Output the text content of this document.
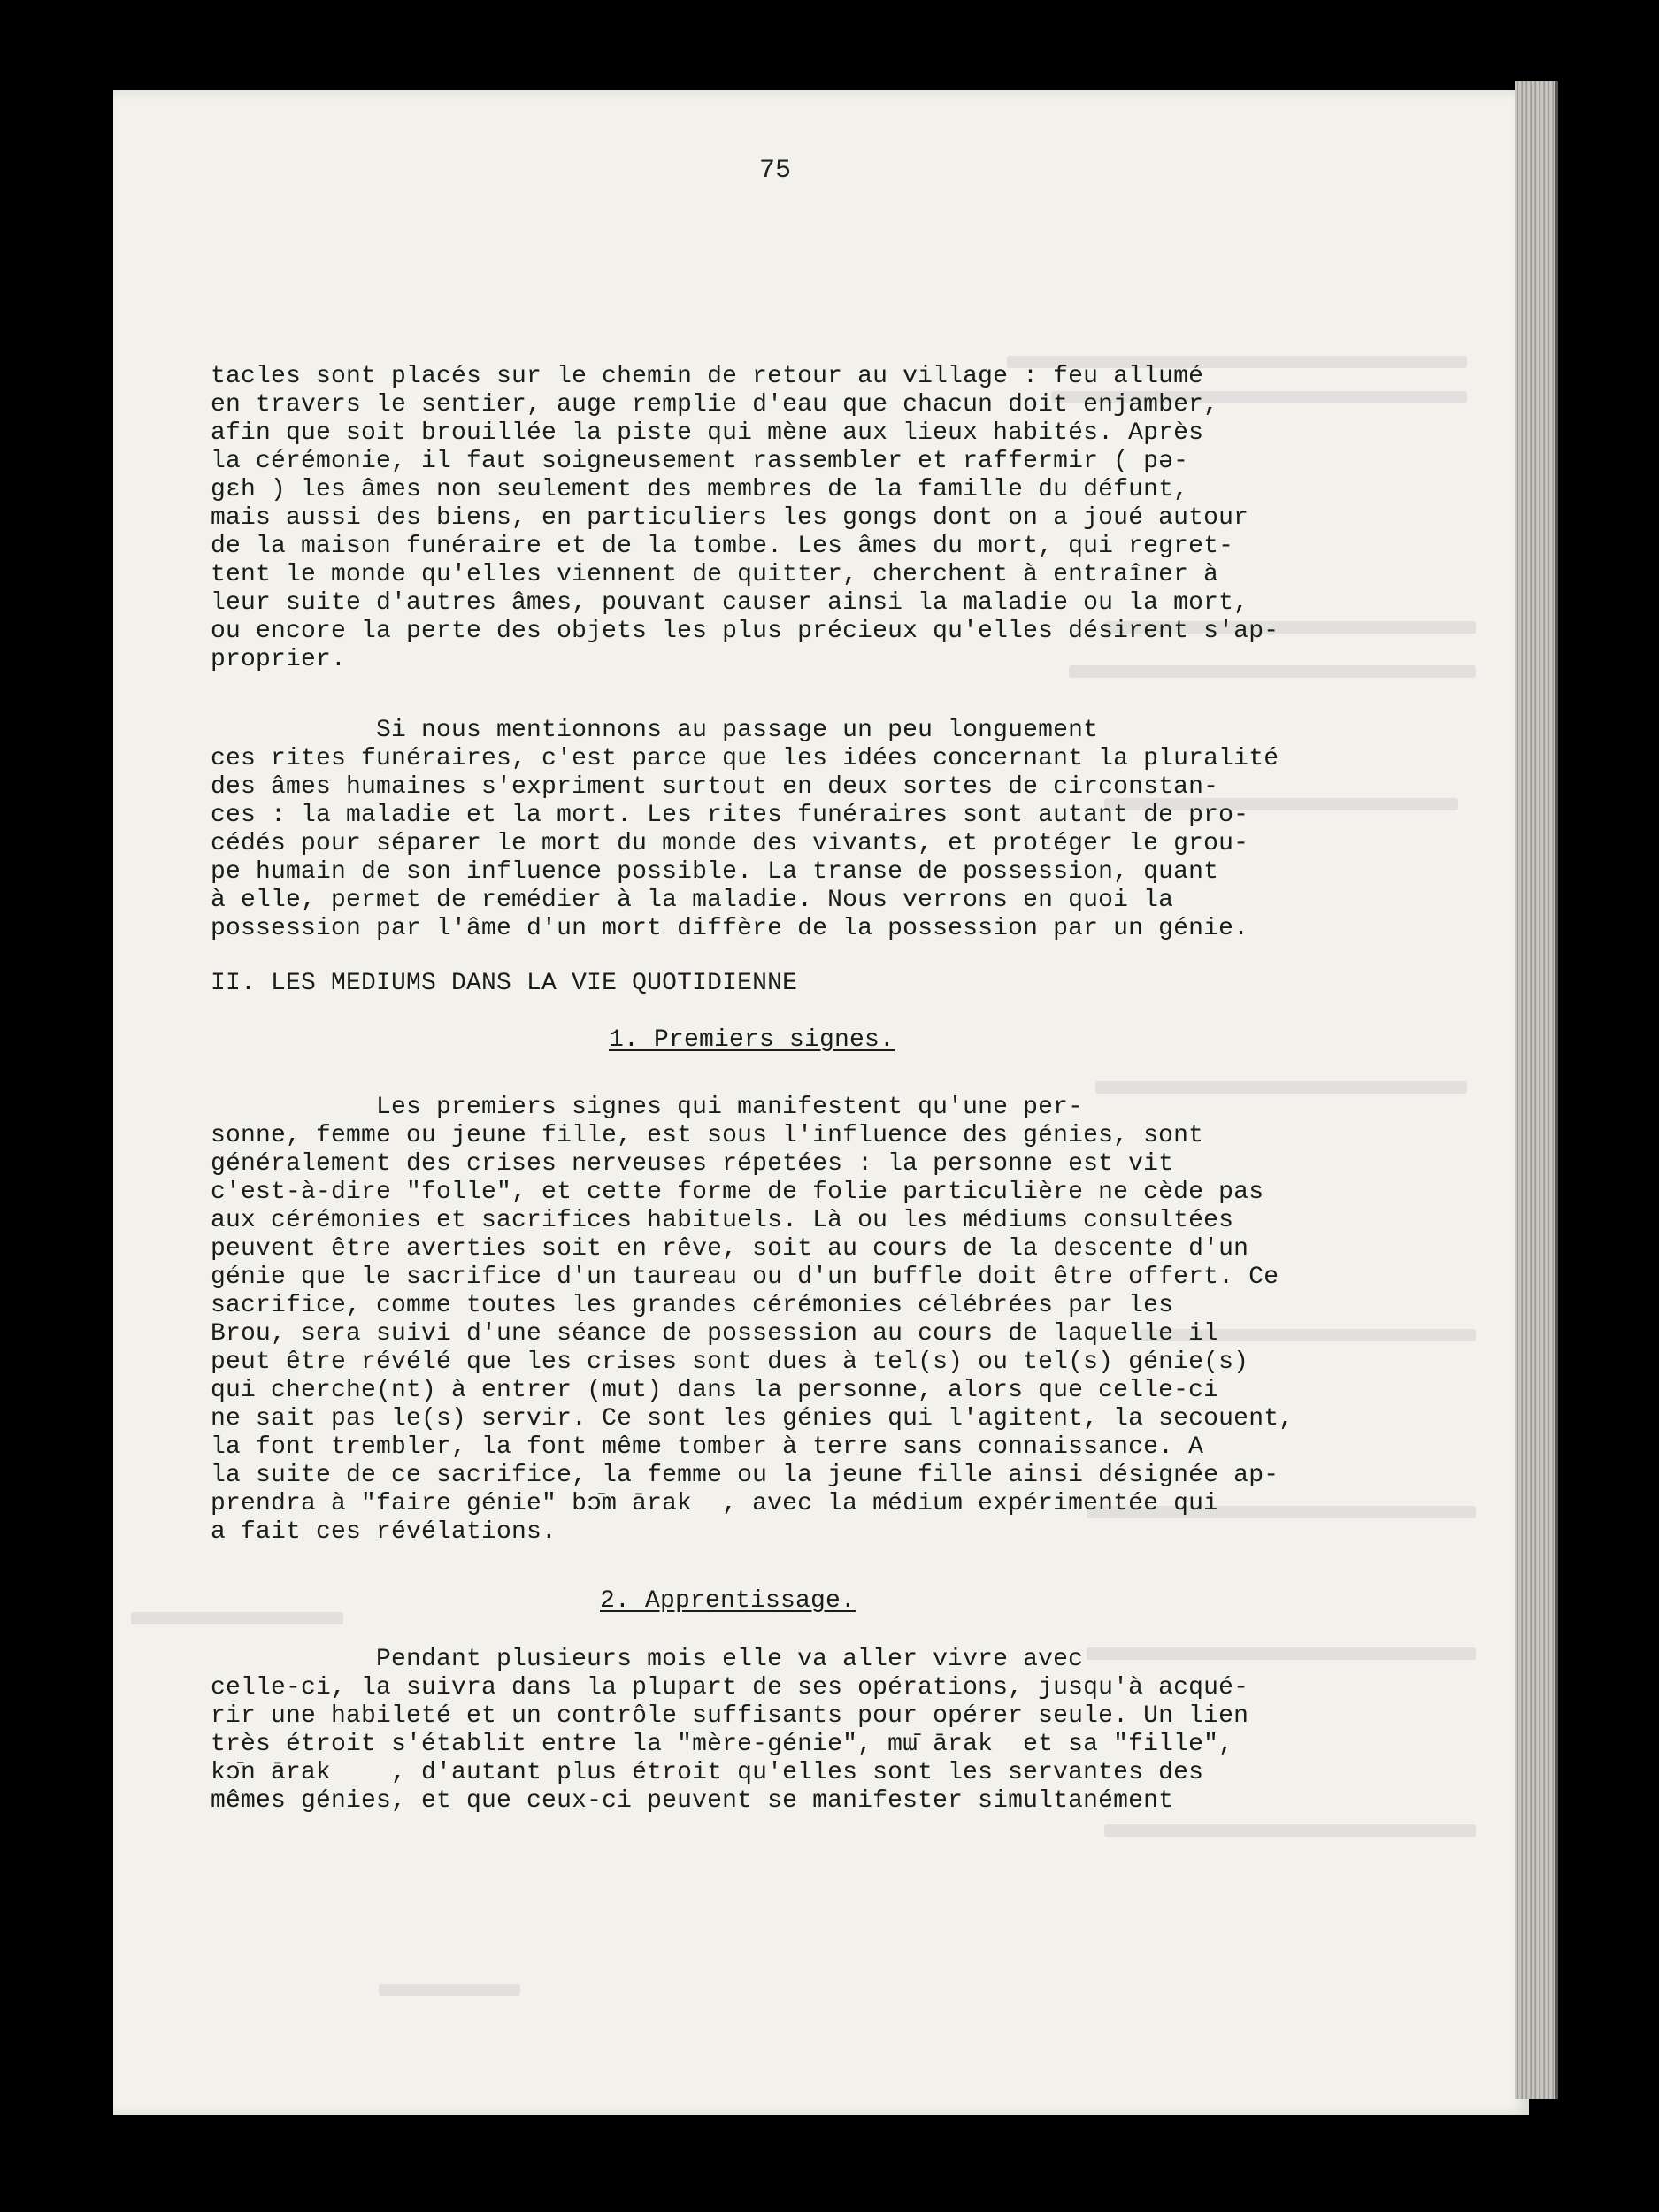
75
tacles sont placés sur le chemin de retour au village : feu allumé
en travers le sentier, auge remplie d'eau que chacun doit enjamber,
afin que soit brouillée la piste qui mène aux lieux habités. Après
la cérémonie, il faut soigneusement rassembler et raffermir ( pə-
gɛh ) les âmes non seulement des membres de la famille du défunt,
mais aussi des biens, en particuliers les gongs dont on a joué autour
de la maison funéraire et de la tombe. Les âmes du mort, qui regret-
tent le monde qu'elles viennent de quitter, cherchent à entraîner à
leur suite d'autres âmes, pouvant causer ainsi la maladie ou la mort,
ou encore la perte des objets les plus précieux qu'elles désirent s'ap-
proprier.
Si nous mentionnons au passage un peu longuement
ces rites funéraires, c'est parce que les idées concernant la pluralité
des âmes humaines s'expriment surtout en deux sortes de circonstan-
ces : la maladie et la mort. Les rites funéraires sont autant de pro-
cédés pour séparer le mort du monde des vivants, et protéger le grou-
pe humain de son influence possible. La transe de possession, quant
à elle, permet de remédier à la maladie. Nous verrons en quoi la
possession par l'âme d'un mort diffère de la possession par un génie.
II. LES MEDIUMS DANS LA VIE QUOTIDIENNE
1. Premiers signes.
Les premiers signes qui manifestent qu'une per-
sonne, femme ou jeune fille, est sous l'influence des génies, sont
généralement des crises nerveuses répetées : la personne est vit
c'est-à-dire "folle", et cette forme de folie particulière ne cède pas
aux cérémonies et sacrifices habituels. Là ou les médiums consultées
peuvent être averties soit en rêve, soit au cours de la descente d'un
génie que le sacrifice d'un taureau ou d'un buffle doit être offert. Ce
sacrifice, comme toutes les grandes cérémonies célébrées par les
Brou, sera suivi d'une séance de possession au cours de laquelle il
peut être révélé que les crises sont dues à tel(s) ou tel(s) génie(s)
qui cherche(nt) à entrer (mut) dans la personne, alors que celle-ci
ne sait pas le(s) servir. Ce sont les génies qui l'agitent, la secouent,
la font trembler, la font même tomber à terre sans connaissance. A
la suite de ce sacrifice, la femme ou la jeune fille ainsi désignée ap-
prendra à "faire génie" bɔ̄m ārak  , avec la médium expérimentée qui
a fait ces révélations.
2. Apprentissage.
Pendant plusieurs mois elle va aller vivre avec
celle-ci, la suivra dans la plupart de ses opérations, jusqu'à acqué-
rir une habileté et un contrôle suffisants pour opérer seule. Un lien
très étroit s'établit entre la "mère-génie", mɯ̄ ārak  et sa "fille",
kɔ̄n ārak    , d'autant plus étroit qu'elles sont les servantes des
mêmes génies, et que ceux-ci peuvent se manifester simultanément
